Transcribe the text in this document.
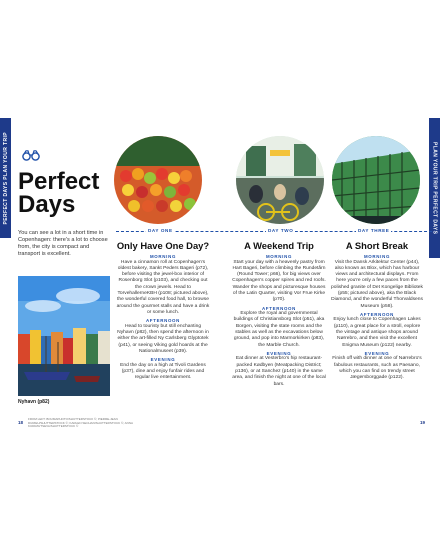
PERFECT DAYS PLAN YOUR TRIP	PLAN YOUR TRIP PERFECT DAYS
Perfect
Days

You can see a lot in a short time in Copenhagen: there's a lot to choose from, the city is compact and transport is excellent.

Nyhavn (p82)
DAY ONE	DAY TWO	DAY THREE
Only Have One Day?
MORNING

Have a cinnamon roll at Copenhagen's oldest bakery, Sankt Peders Bageri (p72), before visiting the jewel-box interior of Rosenborg Slot (p103), and checking out the crown jewels. Head to TorvehallerneKBH (p108; pictured above), the wonderful covered food hall, to browse around the gourmet stalls and have a drink or some lunch.

AFTERNOON

Head to touristy but still enchanting Nyhavn (p82), then spend the afternoon in either the art-filled Ny Carlsberg Glyptotek (p41), or seeing Viking gold hoards at the Nationalmuseet (p39).

EVENING

End the day on a high at Tivoli Gardens (p37), dine and enjoy funfair rides and regular live entertainment.

A Weekend Trip
MORNING

Start your day with a heavenly pastry from Hart Bageri, before climbing the Rundetårn (Round Tower; p66), for big views over Copenhagen's copper spires and red roofs. Wander the shops and picturesque houses of the Latin Quarter, visiting Vor Frue Kirke (p70).

AFTERNOON

Explore the royal and governmental buildings of Christiansborg Slot (p51), aka Borgen, visiting the state rooms and the stables as well as the excavations below ground, and pop into Marmorkirken (p83), the Marble Church.

EVENING

Eat dinner at Vesterbro's hip restaurant-packed Kødbyen (Meatpacking District; p136), or at Sanchez (p140) in the same area, and finish the night at one of the local bars.

A Short Break
MORNING

Visit the Dansk Arkitektur Center (p44), also known as Blox, which has harbour views and architectural displays. From here you're only a few paces from the polished granite of Det Kongelige Bibliotek (p55; pictured above), aka the Black Diamond, and the wonderful Thorvaldsens Museum (p58).

AFTERNOON

Enjoy lunch close to Copenhagen Lakes (p110), a great place for a stroll, explore the vintage and antique shops around Nørrebro, and then visit the excellent Enigma Museum (p122) nearby.

EVENING

Finish off with dinner at one of Nørrebro's fabulous restaurants, such as Paesano, which you can find on trendy street Jægersborggade (p122).

18
FROM LEFT: BOUMAPHOTO/SHUTTERSTOCK ©; PIERRE-JEAN DURIEU/SHUTTERSTOCK ©; KARLEN SECHAN/SHUTTERSTOCK ©; ANNA KUDRAVTSEVA/SHUTTERSTOCK ©
19
